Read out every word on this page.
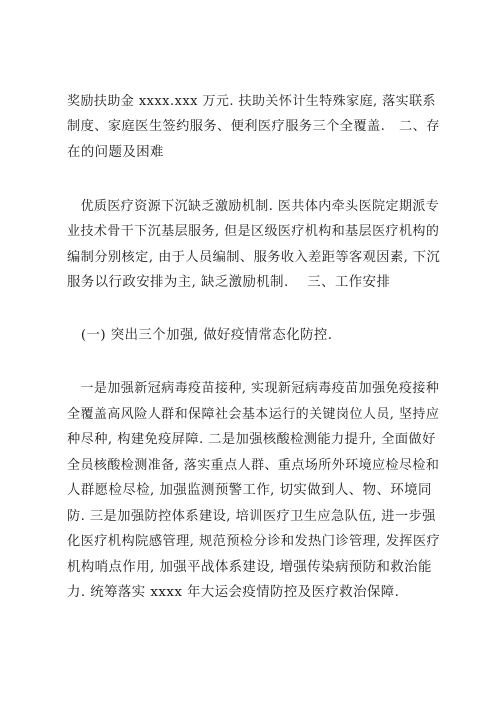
奖励扶助金 xxxx.xxx 万元. 扶助关怀计生特殊家庭, 落实联系
制度、家庭医生签约服务、便利医疗服务三个全覆盖.　二、存
在的问题及困难
　优质医疗资源下沉缺乏激励机制. 医共体内牵头医院定期派专
业技术骨干下沉基层服务, 但是区级医疗机构和基层医疗机构的
编制分别核定, 由于人员编制、服务收入差距等客观因素, 下沉
服务以行政安排为主, 缺乏激励机制.　 三、工作安排
　(一) 突出三个加强, 做好疫情常态化防控.
　一是加强新冠病毒疫苗接种, 实现新冠病毒疫苗加强免疫接种
全覆盖高风险人群和保障社会基本运行的关键岗位人员, 坚持应
种尽种, 构建免疫屏障. 二是加强核酸检测能力提升, 全面做好
全员核酸检测准备, 落实重点人群、重点场所外环境应检尽检和
人群愿检尽检, 加强监测预警工作, 切实做到人、物、环境同
防. 三是加强防控体系建设, 培训医疗卫生应急队伍, 进一步强
化医疗机构院感管理, 规范预检分诊和发热门诊管理, 发挥医疗
机构哨点作用, 加强平战体系建设, 增强传染病预防和救治能
力. 统筹落实 xxxx 年大运会疫情防控及医疗救治保障.
